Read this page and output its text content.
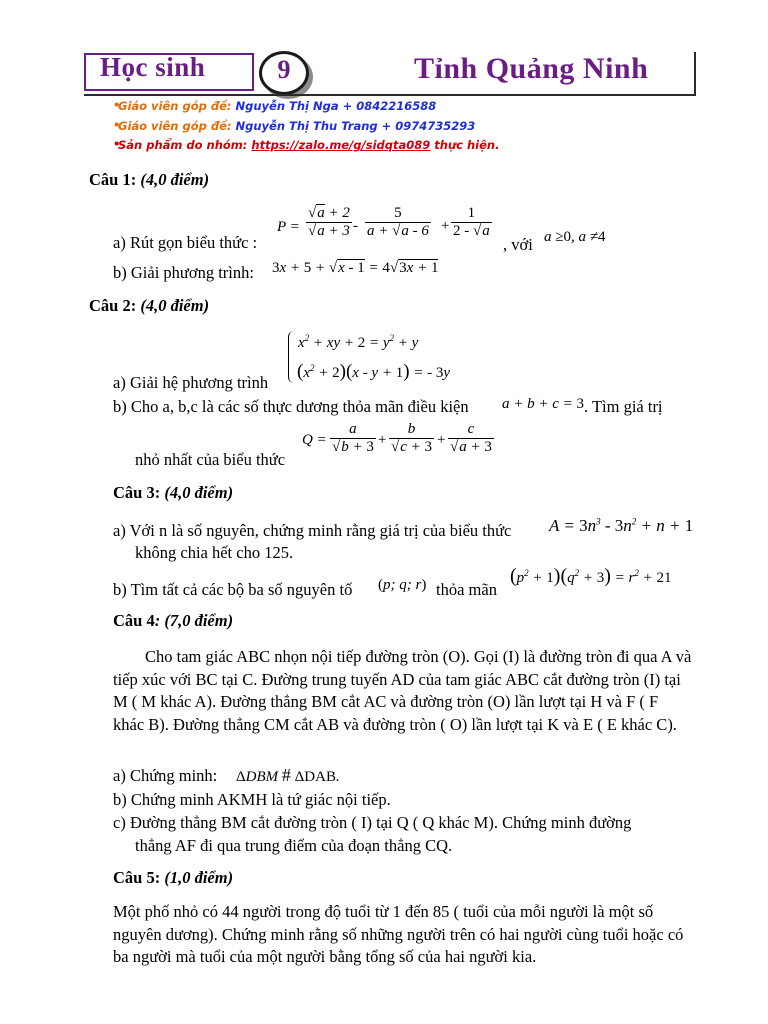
Học sinh	9	Tỉnh Quảng Ninh
•
Giáo viên góp đề: Nguyễn Thị Nga + 0842216588
•
Giáo viên góp đề: Nguyễn Thị Thu Trang + 0974735293
•
Sản phẩm do nhóm: https://zalo.me/g/sidqta089 thực hiện.
Câu 1: (4,0 điểm)
$P = \frac{√a + 2}{√a + 3} - \frac{5}{a + √a - 6} + \frac{1}{2 - √a}$
a) Rút gọn biểu thức :	, với a ≥0, a ≠4
b) Giải phương trình: 3x + 5 + √x - 1 = 4√3x + 1
Câu 2: (4,0 điểm)
$x^2$ + xy + $2 = y^2 + y$
$(x^2 + 2)(x - y + 1)$ = - 3y
a) Giải hệ phương trình
b) Cho a, b,c là các số thực dương thỏa mãn điều kiện a + b + c = 3 . Tìm giá trị
$Q = \frac{a}{√b + 3} + \frac{b}{√c + 3} + \frac{c}{√a + 3}$
nhỏ nhất của biểu thức
Câu 3: (4,0 điểm)
a) Với n là số nguyên, chứng minh rằng giá trị của biểu thức $A = 3n^3 - 3n^2 + n + 1$
không chia hết cho 125.
b) Tìm tất cả các bộ ba số nguyên tố (p; q; r) thỏa mãn
$(p^2 + 1)(q^2 + 3) = r^2 + 21$
Câu 4: (7,0 điểm)
Cho tam giác ABC nhọn nội tiếp đường tròn (O). Gọi (I) là đường tròn đi qua A và tiếp xúc với BC tại C. Đường trung tuyến AD của tam giác ABC cắt đường tròn (I) tại M ( M khác A). Đường thẳng BM cắt AC và đường tròn (O) lần lượt tại H và F ( F khác B). Đường thẳng CM cắt AB và đường tròn ( O) lần lượt tại K và E ( E khác C).
a) Chứng minh: ΔDBM # ΔDAB.
b) Chứng minh AKMH là tứ giác nội tiếp.
c) Đường thẳng BM cắt đường tròn ( I) tại Q ( Q khác M). Chứng minh đường
thẳng AF đi qua trung điểm của đoạn thẳng CQ.
Câu 5: (1,0 điểm)
Một phố nhỏ có 44 người trong độ tuổi từ 1 đến 85 ( tuổi của mỗi người là một số nguyên dương). Chứng minh rằng số những người trên có hai người cùng tuổi hoặc có ba người mà tuổi của một người bằng tổng số của hai người kia.
